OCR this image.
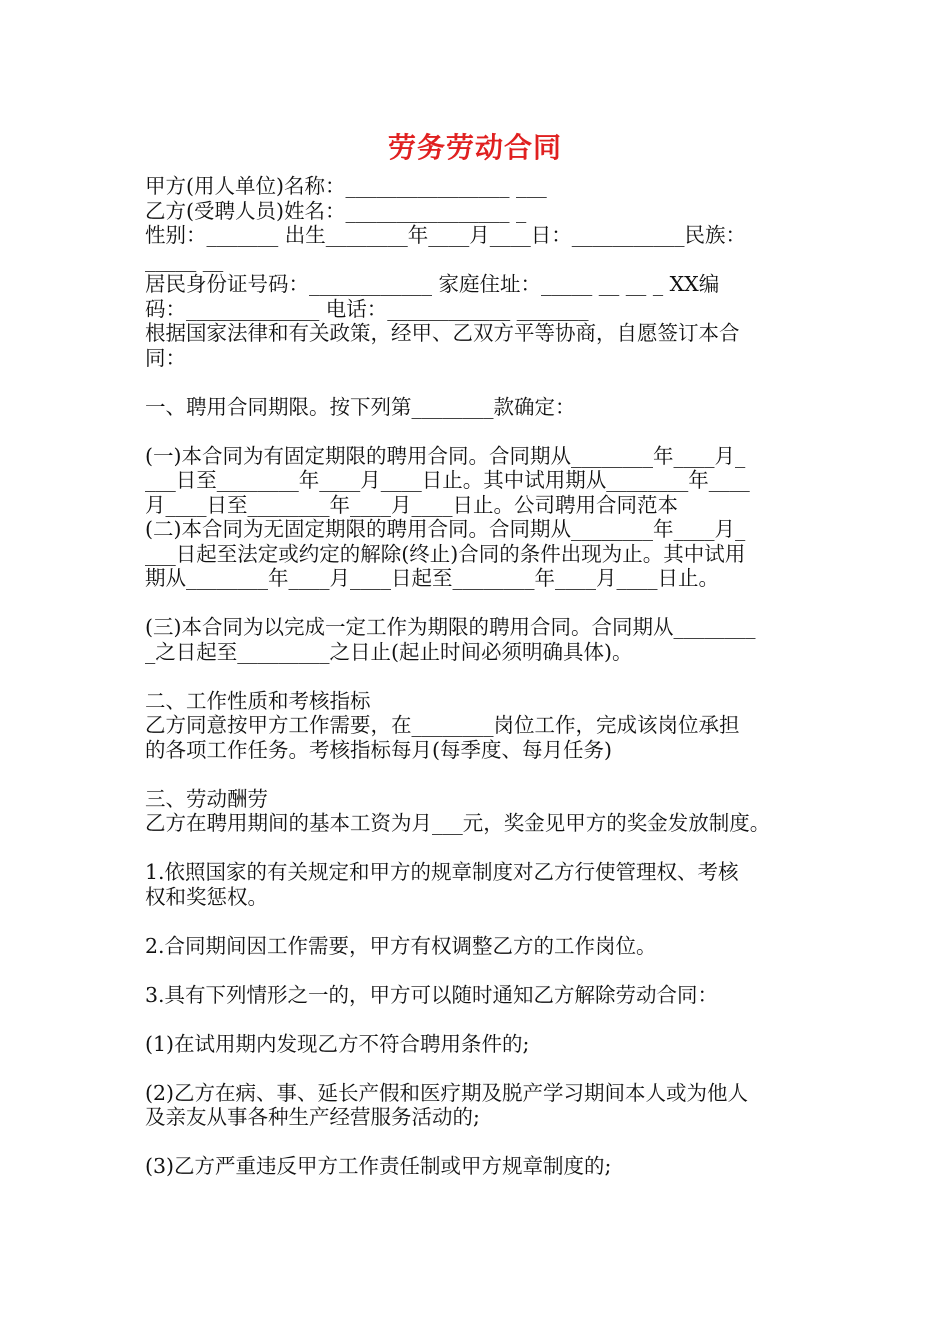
劳务劳动合同

甲方(用人单位)名称：________________ ___

乙方(受聘人员)姓名：________________ _

性别：_______ 出生________年____月____日：___________民族：

_____ __

居民身份证号码：____________ 家庭住址：_____ __ __ _ XX编

码：_____________ 电话：____________ _______

根据国家法律和有关政策，经甲、乙双方平等协商，自愿签订本合

同：

一、聘用合同期限。按下列第________款确定：

(一)本合同为有固定期限的聘用合同。合同期从________年____月_

___日至________年____月____日止。其中试用期从________年____

月____日至________年____月____日止。公司聘用合同范本

(二)本合同为无固定期限的聘用合同。合同期从________年____月_

___日起至法定或约定的解除(终止)合同的条件出现为止。其中试用

期从________年____月____日起至________年____月____日止。

(三)本合同为以完成一定工作为期限的聘用合同。合同期从________

_之日起至_________之日止(起止时间必须明确具体)。

二、工作性质和考核指标

乙方同意按甲方工作需要，在________岗位工作，完成该岗位承担

的各项工作任务。考核指标每月(每季度、每月任务)

三、劳动酬劳

乙方在聘用期间的基本工资为月___元，奖金见甲方的奖金发放制度。

1.依照国家的有关规定和甲方的规章制度对乙方行使管理权、考核

权和奖惩权。

2.合同期间因工作需要，甲方有权调整乙方的工作岗位。

3.具有下列情形之一的，甲方可以随时通知乙方解除劳动合同：

(1)在试用期内发现乙方不符合聘用条件的;

(2)乙方在病、事、延长产假和医疗期及脱产学习期间本人或为他人

及亲友从事各种生产经营服务活动的;

(3)乙方严重违反甲方工作责任制或甲方规章制度的;
